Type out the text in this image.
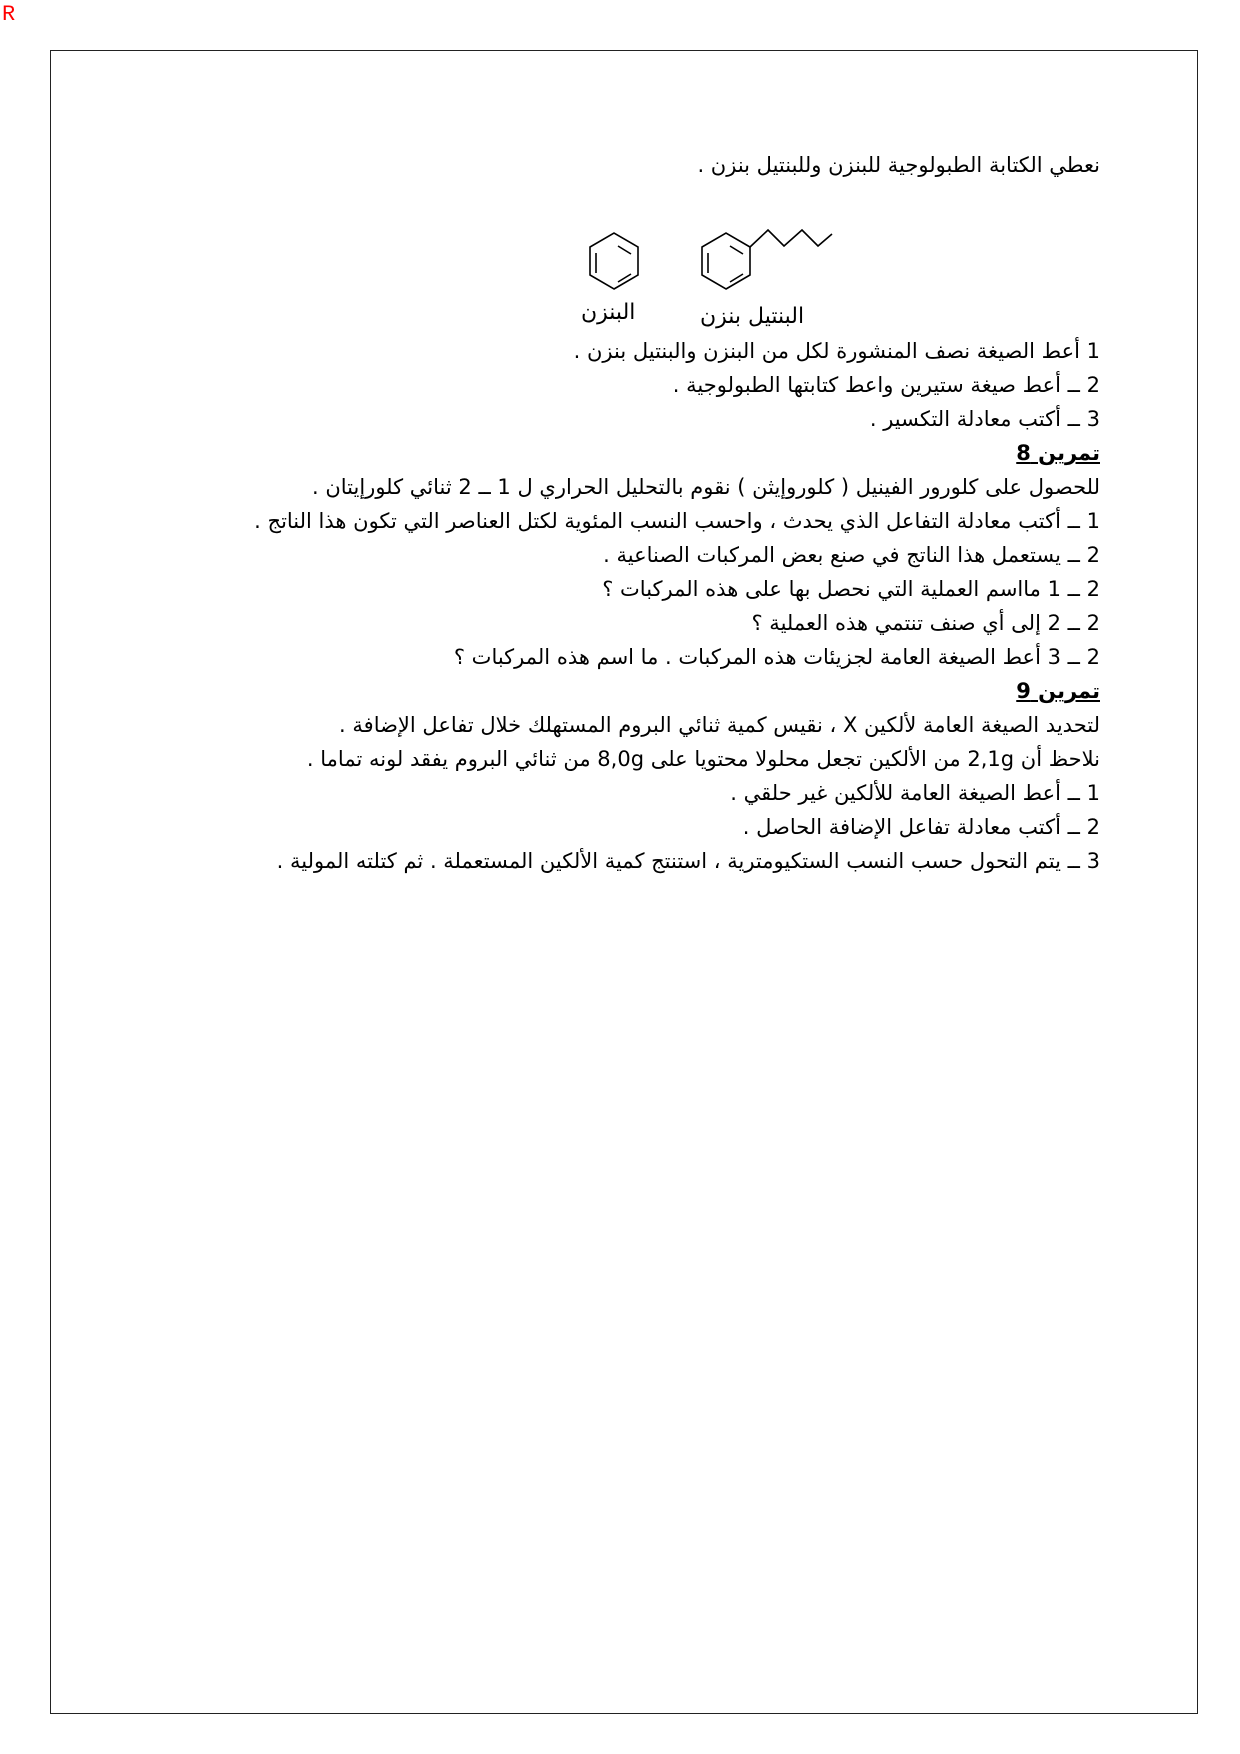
R

نعطي الكتابة الطبولوجية للبنزن وللبنتيل بنزن .

البنزن	البنتيل بنزن

1 أعط الصيغة نصف المنشورة لكل من البنزن والبنتيل بنزن .

2 ــ أعط صيغة ستيرين واعط كتابتها الطبولوجية .

3 ــ أكتب معادلة التكسير .

تمرين 8

للحصول على كلورور الفينيل ( كلوروإيثن ) نقوم بالتحليل الحراري ل 1 ــ 2 ثنائي كلورإيتان .

1 ــ أكتب معادلة التفاعل الذي يحدث ، واحسب النسب المئوية لكتل العناصر التي تكون هذا الناتج .

2 ــ يستعمل هذا الناتج في صنع بعض المركبات الصناعية .

2 ــ 1 مااسم العملية التي نحصل بها على هذه المركبات ؟

2 ــ 2 إلى أي صنف تنتمي هذه العملية ؟

2 ــ 3 أعط الصيغة العامة لجزيئات هذه المركبات . ما اسم هذه المركبات ؟

تمرين 9

لتحديد الصيغة العامة لألكين X ، نقيس كمية ثنائي البروم المستهلك خلال تفاعل الإضافة .

نلاحظ أن 2,1g من الألكين تجعل محلولا محتويا على 8,0g من ثنائي البروم يفقد لونه تماما .

1 ــ أعط الصيغة العامة للألكين غير حلقي .

2 ــ أكتب معادلة تفاعل الإضافة الحاصل .

3 ــ يتم التحول حسب النسب الستكيومترية ، استنتج كمية الألكين المستعملة . ثم كتلته المولية .
